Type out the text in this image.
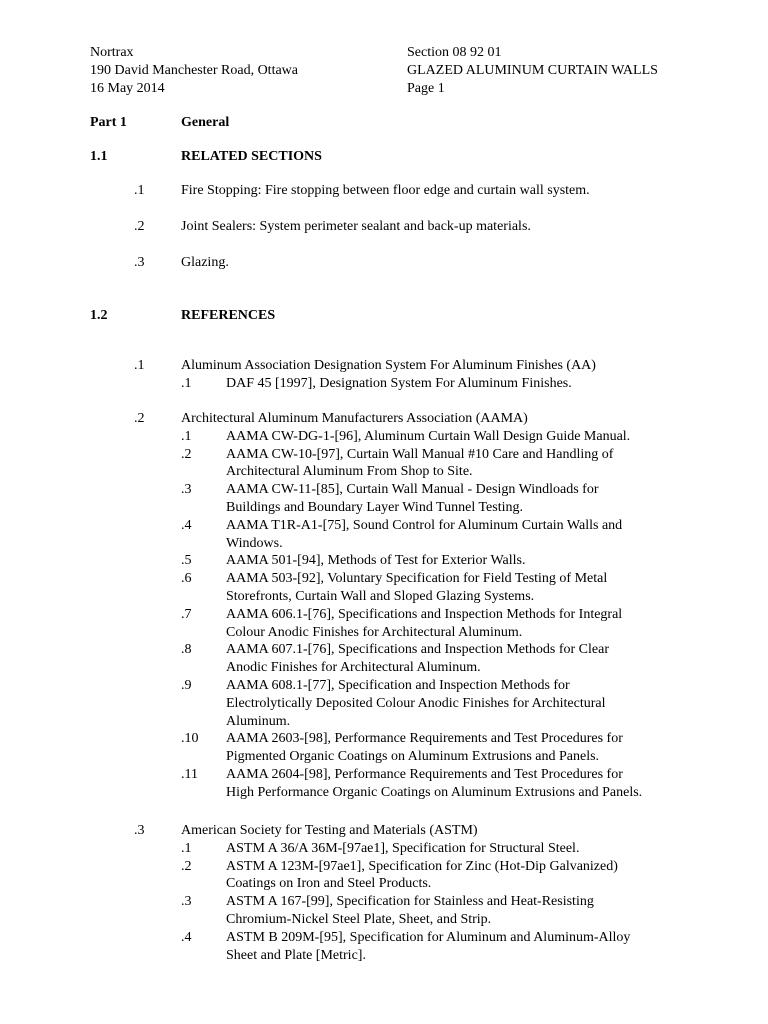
Nortrax
190 David Manchester Road, Ottawa
16 May 2014
Section 08 92 01
GLAZED ALUMINUM CURTAIN WALLS
Page 1
Part 1	General
1.1	RELATED SECTIONS
.1	Fire Stopping: Fire stopping between floor edge and curtain wall system.
.2	Joint Sealers: System perimeter sealant and back-up materials.
.3	Glazing.
1.2	REFERENCES
.1	Aluminum Association Designation System For Aluminum Finishes (AA)
.1 DAF 45 [1997], Designation System For Aluminum Finishes.
.2	Architectural Aluminum Manufacturers Association (AAMA)
.1 AAMA CW-DG-1-[96], Aluminum Curtain Wall Design Guide Manual.
.2 AAMA CW-10-[97], Curtain Wall Manual #10 Care and Handling of
Architectural Aluminum From Shop to Site.
.3 AAMA CW-11-[85], Curtain Wall Manual - Design Windloads for
Buildings and Boundary Layer Wind Tunnel Testing.
.4 AAMA T1R-A1-[75], Sound Control for Aluminum Curtain Walls and
Windows.
.5 AAMA 501-[94], Methods of Test for Exterior Walls.
.6 AAMA 503-[92], Voluntary Specification for Field Testing of Metal
Storefronts, Curtain Wall and Sloped Glazing Systems.
.7 AAMA 606.1-[76], Specifications and Inspection Methods for Integral
Colour Anodic Finishes for Architectural Aluminum.
.8 AAMA 607.1-[76], Specifications and Inspection Methods for Clear
Anodic Finishes for Architectural Aluminum.
.9 AAMA 608.1-[77], Specification and Inspection Methods for
Electrolytically Deposited Colour Anodic Finishes for Architectural
Aluminum.
.10 AAMA 2603-[98], Performance Requirements and Test Procedures for
Pigmented Organic Coatings on Aluminum Extrusions and Panels.
.11 AAMA 2604-[98], Performance Requirements and Test Procedures for
High Performance Organic Coatings on Aluminum Extrusions and Panels.
.3	American Society for Testing and Materials (ASTM)
.1 ASTM A 36/A 36M-[97ae1], Specification for Structural Steel.
.2 ASTM A 123M-[97ae1], Specification for Zinc (Hot-Dip Galvanized)
Coatings on Iron and Steel Products.
.3 ASTM A 167-[99], Specification for Stainless and Heat-Resisting
Chromium-Nickel Steel Plate, Sheet, and Strip.
.4 ASTM B 209M-[95], Specification for Aluminum and Aluminum-Alloy
Sheet and Plate [Metric].
